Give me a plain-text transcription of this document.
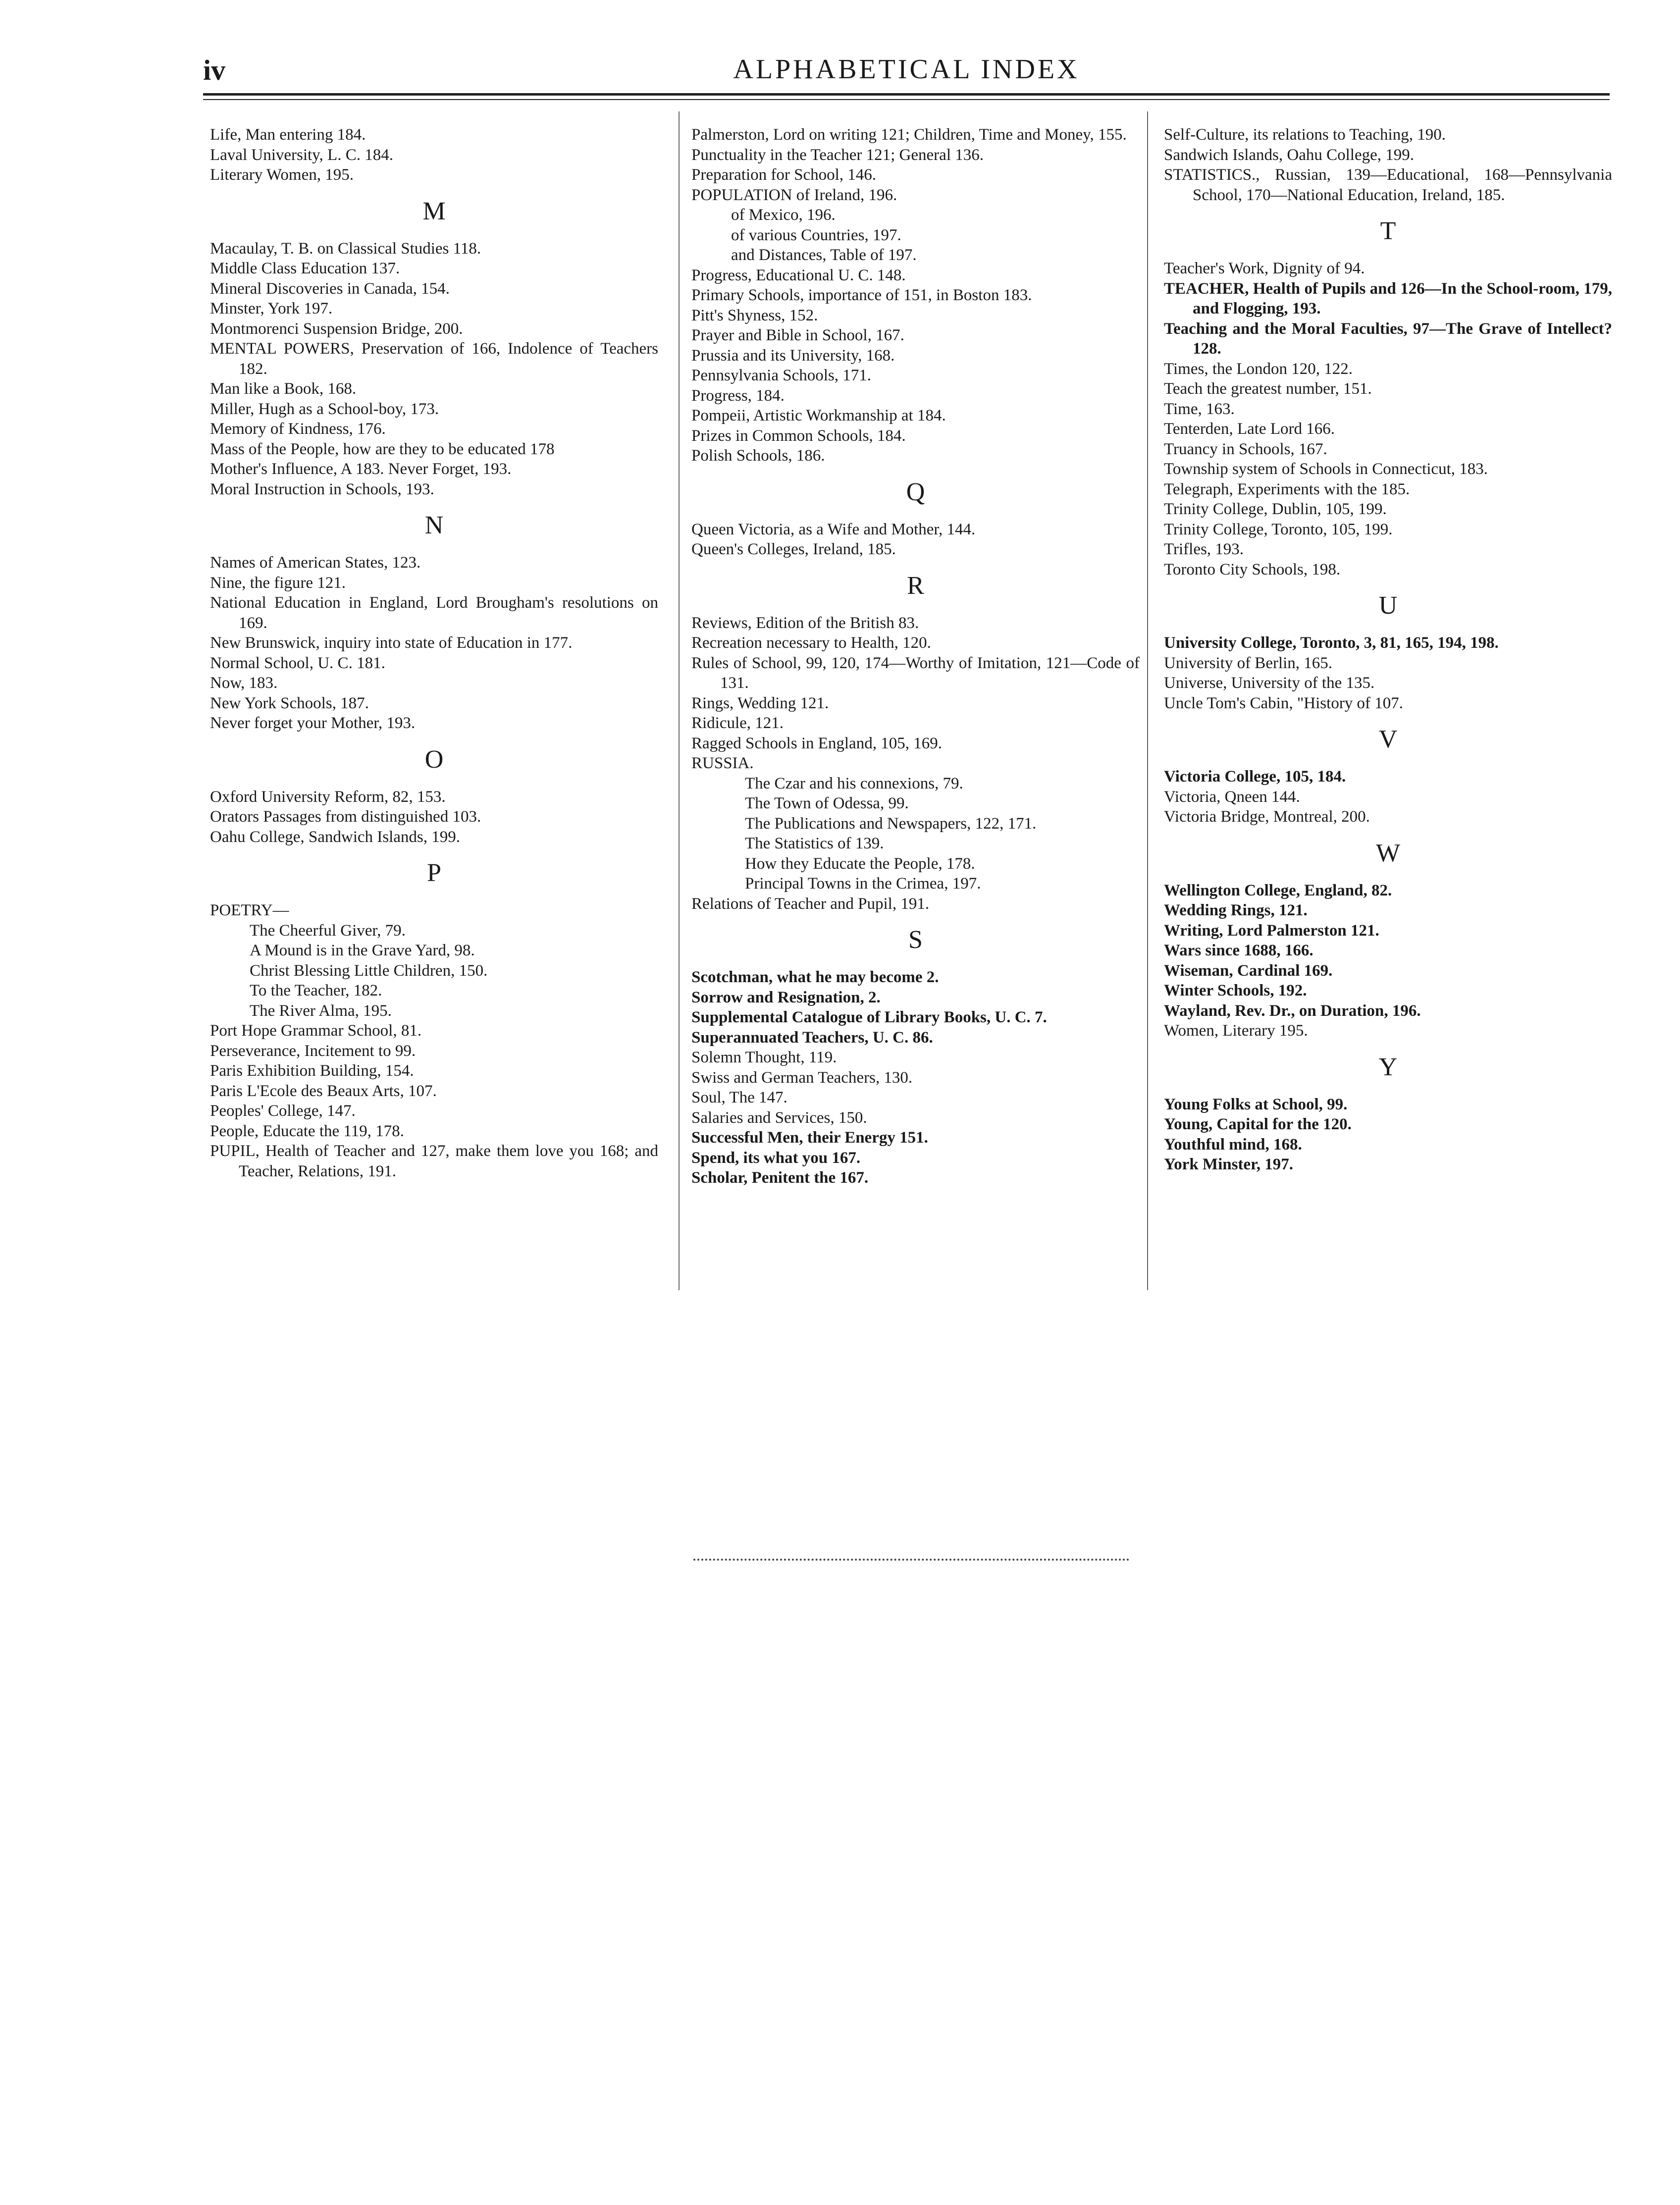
iv	ALPHABETICAL INDEX

Life, Man entering 184.

Laval University, L. C. 184.

Literary Women, 195.

M

Macaulay, T. B. on Classical Studies 118.

Middle Class Education 137.

Mineral Discoveries in Canada, 154.

Minster, York 197.

Montmorenci Suspension Bridge, 200.

MENTAL POWERS, Preservation of 166, Indolence of Teachers 182.

Man like a Book, 168.

Miller, Hugh as a School-boy, 173.

Memory of Kindness, 176.

Mass of the People, how are they to be educated 178

Mother's Influence, A 183. Never Forget, 193.

Moral Instruction in Schools, 193.

N

Names of American States, 123.

Nine, the figure 121.

National Education in England, Lord Brougham's resolutions on 169.

New Brunswick, inquiry into state of Education in 177.

Normal School, U. C. 181.

Now, 183.

New York Schools, 187.

Never forget your Mother, 193.

O

Oxford University Reform, 82, 153.

Orators Passages from distinguished 103.

Oahu College, Sandwich Islands, 199.

P

POETRY—

The Cheerful Giver, 79.

A Mound is in the Grave Yard, 98.

Christ Blessing Little Children, 150.

To the Teacher, 182.

The River Alma, 195.

Port Hope Grammar School, 81.

Perseverance, Incitement to 99.

Paris Exhibition Building, 154.

Paris L'Ecole des Beaux Arts, 107.

Peoples' College, 147.

People, Educate the 119, 178.

PUPIL, Health of Teacher and 127, make them love you 168; and Teacher, Relations, 191.

Palmerston, Lord on writing 121; Children, Time and Money, 155.

Punctuality in the Teacher 121; General 136.

Preparation for School, 146.

POPULATION of Ireland, 196.

of Mexico, 196.

of various Countries, 197.

and Distances, Table of 197.

Progress, Educational U. C. 148.

Primary Schools, importance of 151, in Boston 183.

Pitt's Shyness, 152.

Prayer and Bible in School, 167.

Prussia and its University, 168.

Pennsylvania Schools, 171.

Progress, 184.

Pompeii, Artistic Workmanship at 184.

Prizes in Common Schools, 184.

Polish Schools, 186.

Q

Queen Victoria, as a Wife and Mother, 144.

Queen's Colleges, Ireland, 185.

R

Reviews, Edition of the British 83.

Recreation necessary to Health, 120.

Rules of School, 99, 120, 174—Worthy of Imitation, 121—Code of 131.

Rings, Wedding 121.

Ridicule, 121.

Ragged Schools in England, 105, 169.

RUSSIA.

The Czar and his connexions, 79.

The Town of Odessa, 99.

The Publications and Newspapers, 122, 171.

The Statistics of 139.

How they Educate the People, 178.

Principal Towns in the Crimea, 197.

Relations of Teacher and Pupil, 191.

S

Scotchman, what he may become 2.

Sorrow and Resignation, 2.

Supplemental Catalogue of Library Books, U. C. 7.

Superannuated Teachers, U. C. 86.

Solemn Thought, 119.

Swiss and German Teachers, 130.

Soul, The 147.

Salaries and Services, 150.

Successful Men, their Energy 151.

Spend, its what you 167.

Scholar, Penitent the 167.

Self-Culture, its relations to Teaching, 190.

Sandwich Islands, Oahu College, 199.

STATISTICS., Russian, 139—Educational, 168—Pennsylvania School, 170—National Education, Ireland, 185.

T

Teacher's Work, Dignity of 94.

TEACHER, Health of Pupils and 126—In the School-room, 179, and Flogging, 193.

Teaching and the Moral Faculties, 97—The Grave of Intellect? 128.

Times, the London 120, 122.

Teach the greatest number, 151.

Time, 163.

Tenterden, Late Lord 166.

Truancy in Schools, 167.

Township system of Schools in Connecticut, 183.

Telegraph, Experiments with the 185.

Trinity College, Dublin, 105, 199.

Trinity College, Toronto, 105, 199.

Trifles, 193.

Toronto City Schools, 198.

U

University College, Toronto, 3, 81, 165, 194, 198.

University of Berlin, 165.

Universe, University of the 135.

Uncle Tom's Cabin, "History of 107.

V

Victoria College, 105, 184.

Victoria, Qneen 144.

Victoria Bridge, Montreal, 200.

W

Wellington College, England, 82.

Wedding Rings, 121.

Writing, Lord Palmerston 121.

Wars since 1688, 166.

Wiseman, Cardinal 169.

Winter Schools, 192.

Wayland, Rev. Dr., on Duration, 196.

Women, Literary 195.

Y

Young Folks at School, 99.

Young, Capital for the 120.

Youthful mind, 168.

York Minster, 197.
